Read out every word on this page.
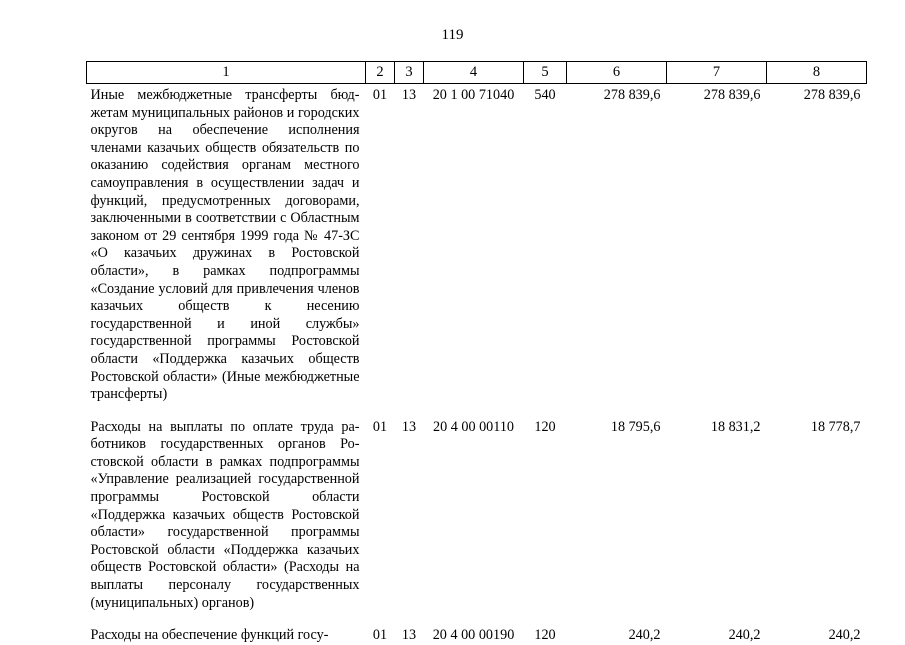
119
1	2	3	4	5	6	7	8
Иные межбюджетные трансферты бюджетам муниципальных районов и городских округов на обеспечение исполнения членами казачьих обществ обязательств по оказанию содействия органам местного самоуправления в осуществлении задач и функций, предусмотренных договорами, заключенными в соответствии с Областным законом от 29 сентября 1999 года № 47-ЗС «О казачьих дружинах в Ростовской области», в рамках подпрограммы «Создание условий для привлечения членов казачьих обществ к несению государственной и иной службы» государственной программы Ростовской области «Поддержка казачьих обществ Ростовской области» (Иные межбюджетные трансферты)	01	13	20 1 00 71040	540	278 839,6	278 839,6	278 839,6
Расходы на выплаты по оплате труда работников государственных органов Ростовской области в рамках подпрограммы «Управление реализацией государственной программы Ростовской области «Поддержка казачьих обществ Ростовской области» государственной программы Ростовской области «Поддержка казачьих обществ Ростовской области» (Расходы на выплаты персоналу государственных (муниципальных) органов)	01	13	20 4 00 00110	120	18 795,6	18 831,2	18 778,7
Расходы на обеспечение функций госу-	01	13	20 4 00 00190	120	240,2	240,2	240,2
